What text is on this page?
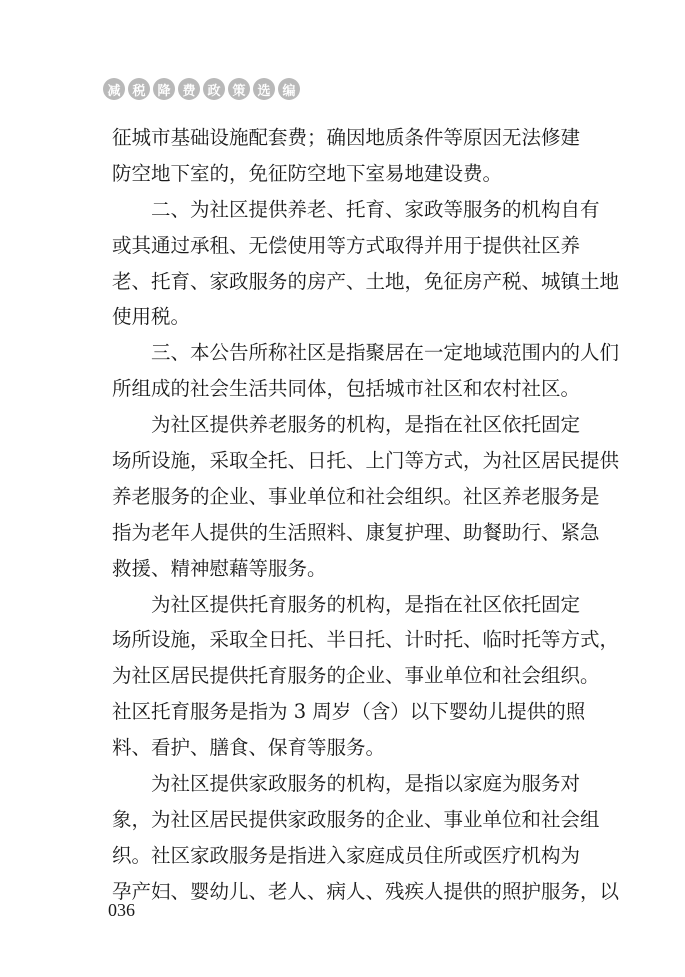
减 税 降 费 政 策 选 编
征城市基础设施配套费；确因地质条件等原因无法修建
防空地下室的，免征防空地下室易地建设费。
二、为社区提供养老、托育、家政等服务的机构自有
或其通过承租、无偿使用等方式取得并用于提供社区养
老、托育、家政服务的房产、土地，免征房产税、城镇土地
使用税。
三、本公告所称社区是指聚居在一定地域范围内的人们
所组成的社会生活共同体，包括城市社区和农村社区。
为社区提供养老服务的机构，是指在社区依托固定
场所设施，采取全托、日托、上门等方式，为社区居民提供
养老服务的企业、事业单位和社会组织。社区养老服务是
指为老年人提供的生活照料、康复护理、助餐助行、紧急
救援、精神慰藉等服务。
为社区提供托育服务的机构，是指在社区依托固定
场所设施，采取全日托、半日托、计时托、临时托等方式，
为社区居民提供托育服务的企业、事业单位和社会组织。
社区托育服务是指为 3 周岁（含）以下婴幼儿提供的照
料、看护、膳食、保育等服务。
为社区提供家政服务的机构，是指以家庭为服务对
象，为社区居民提供家政服务的企业、事业单位和社会组
织。社区家政服务是指进入家庭成员住所或医疗机构为
孕产妇、婴幼儿、老人、病人、残疾人提供的照护服务，以
036
